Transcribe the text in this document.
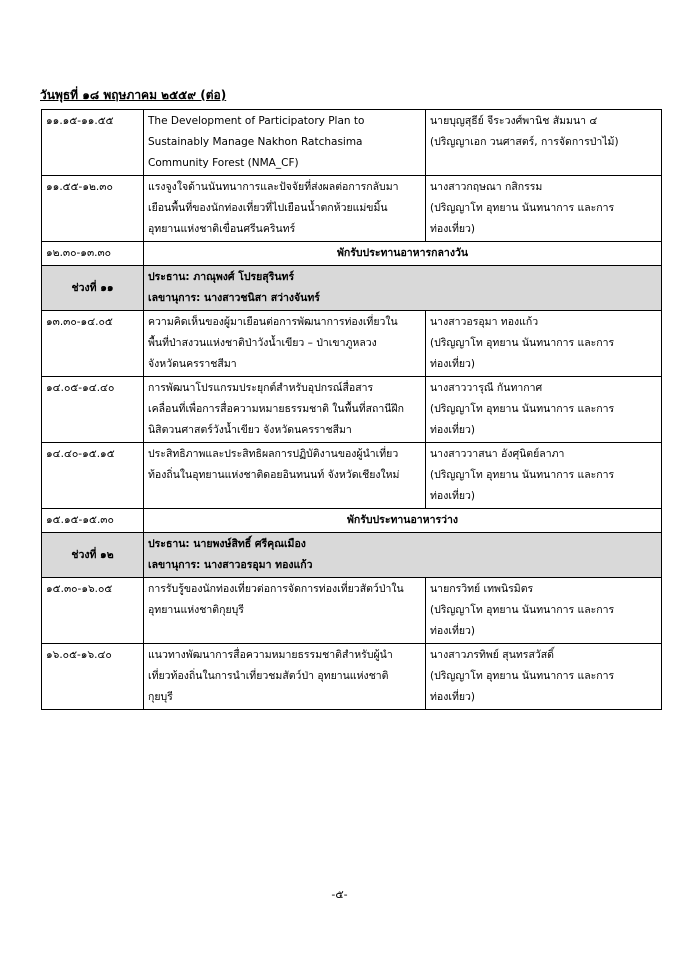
วันพุธที่ ๑๘ พฤษภาคม ๒๕๕๙ (ต่อ)
๑๑.๑๕-๑๑.๕๕	The Development of Participatory Plan to
Sustainably Manage Nakhon Ratchasima
Community Forest (NMA_CF)	นายบุญสุธีย์ จีระวงศ์พานิช สัมมนา ๔
(ปริญญาเอก วนศาสตร์, การจัดการป่าไม้)

๑๑.๕๕-๑๒.๓๐	แรงจูงใจด้านนันทนาการและปัจจัยที่ส่งผลต่อการกลับมา
เยือนพื้นที่ของนักท่องเที่ยวที่ไปเยือนน้ำตกห้วยแม่ขมิ้น
อุทยานแห่งชาติเขื่อนศรีนครินทร์	นางสาวกฤษณา กสิกรรม
(ปริญญาโท อุทยาน นันทนาการ และการ
ท่องเที่ยว)

๑๒.๓๐-๑๓.๓๐	พักรับประทานอาหารกลางวัน	
ช่วงที่ ๑๑	ประธาน: ภาณุพงศ์ โปรยสุรินทร์
เลขานุการ: นางสาวชนิสา สว่างจันทร์	

๑๓.๓๐-๑๔.๐๕	ความคิดเห็นของผู้มาเยือนต่อการพัฒนาการท่องเที่ยวใน
พื้นที่ป่าสงวนแห่งชาติป่าวังน้ำเขียว – ป่าเขาภูหลวง
จังหวัดนครราชสีมา	นางสาวอรอุมา ทองแก้ว
(ปริญญาโท อุทยาน นันทนาการ และการ
ท่องเที่ยว)

๑๔.๐๕-๑๔.๔๐	การพัฒนาโปรแกรมประยุกต์สำหรับอุปกรณ์สื่อสาร
เคลื่อนที่เพื่อการสื่อความหมายธรรมชาติ ในพื้นที่สถานีฝึก
นิสิตวนศาสตร์วังน้ำเขียว จังหวัดนครราชสีมา	นางสาววารุณี กันทากาศ
(ปริญญาโท อุทยาน นันทนาการ และการ
ท่องเที่ยว)

๑๔.๔๐-๑๕.๑๕	ประสิทธิภาพและประสิทธิผลการปฏิบัติงานของผู้นำเที่ยว
ท้องถิ่นในอุทยานแห่งชาติดอยอินทนนท์ จังหวัดเชียงใหม่	นางสาววาสนา อังศุนิตย์ลาภา
(ปริญญาโท อุทยาน นันทนาการ และการ
ท่องเที่ยว)

๑๕.๑๕-๑๕.๓๐	พักรับประทานอาหารว่าง	
ช่วงที่ ๑๒	ประธาน: นายพงษ์สิทธิ์ ศรีคุณเมือง
เลขานุการ: นางสาวอรอุมา ทองแก้ว	

๑๕.๓๐-๑๖.๐๕	การรับรู้ของนักท่องเที่ยวต่อการจัดการท่องเที่ยวสัตว์ป่าใน
อุทยานแห่งชาติกุยบุรี	นายกรวิทย์ เทพนิรมิตร
(ปริญญาโท อุทยาน นันทนาการ และการ
ท่องเที่ยว)

๑๖.๐๕-๑๖.๔๐	แนวทางพัฒนาการสื่อความหมายธรรมชาติสำหรับผู้นำ
เที่ยวท้องถิ่นในการนำเที่ยวชมสัตว์ป่า อุทยานแห่งชาติ
กุยบุรี	นางสาวภรทิพย์ สุนทรสวัสดิ์
(ปริญญาโท อุทยาน นันทนาการ และการ
ท่องเที่ยว)
-๕-
